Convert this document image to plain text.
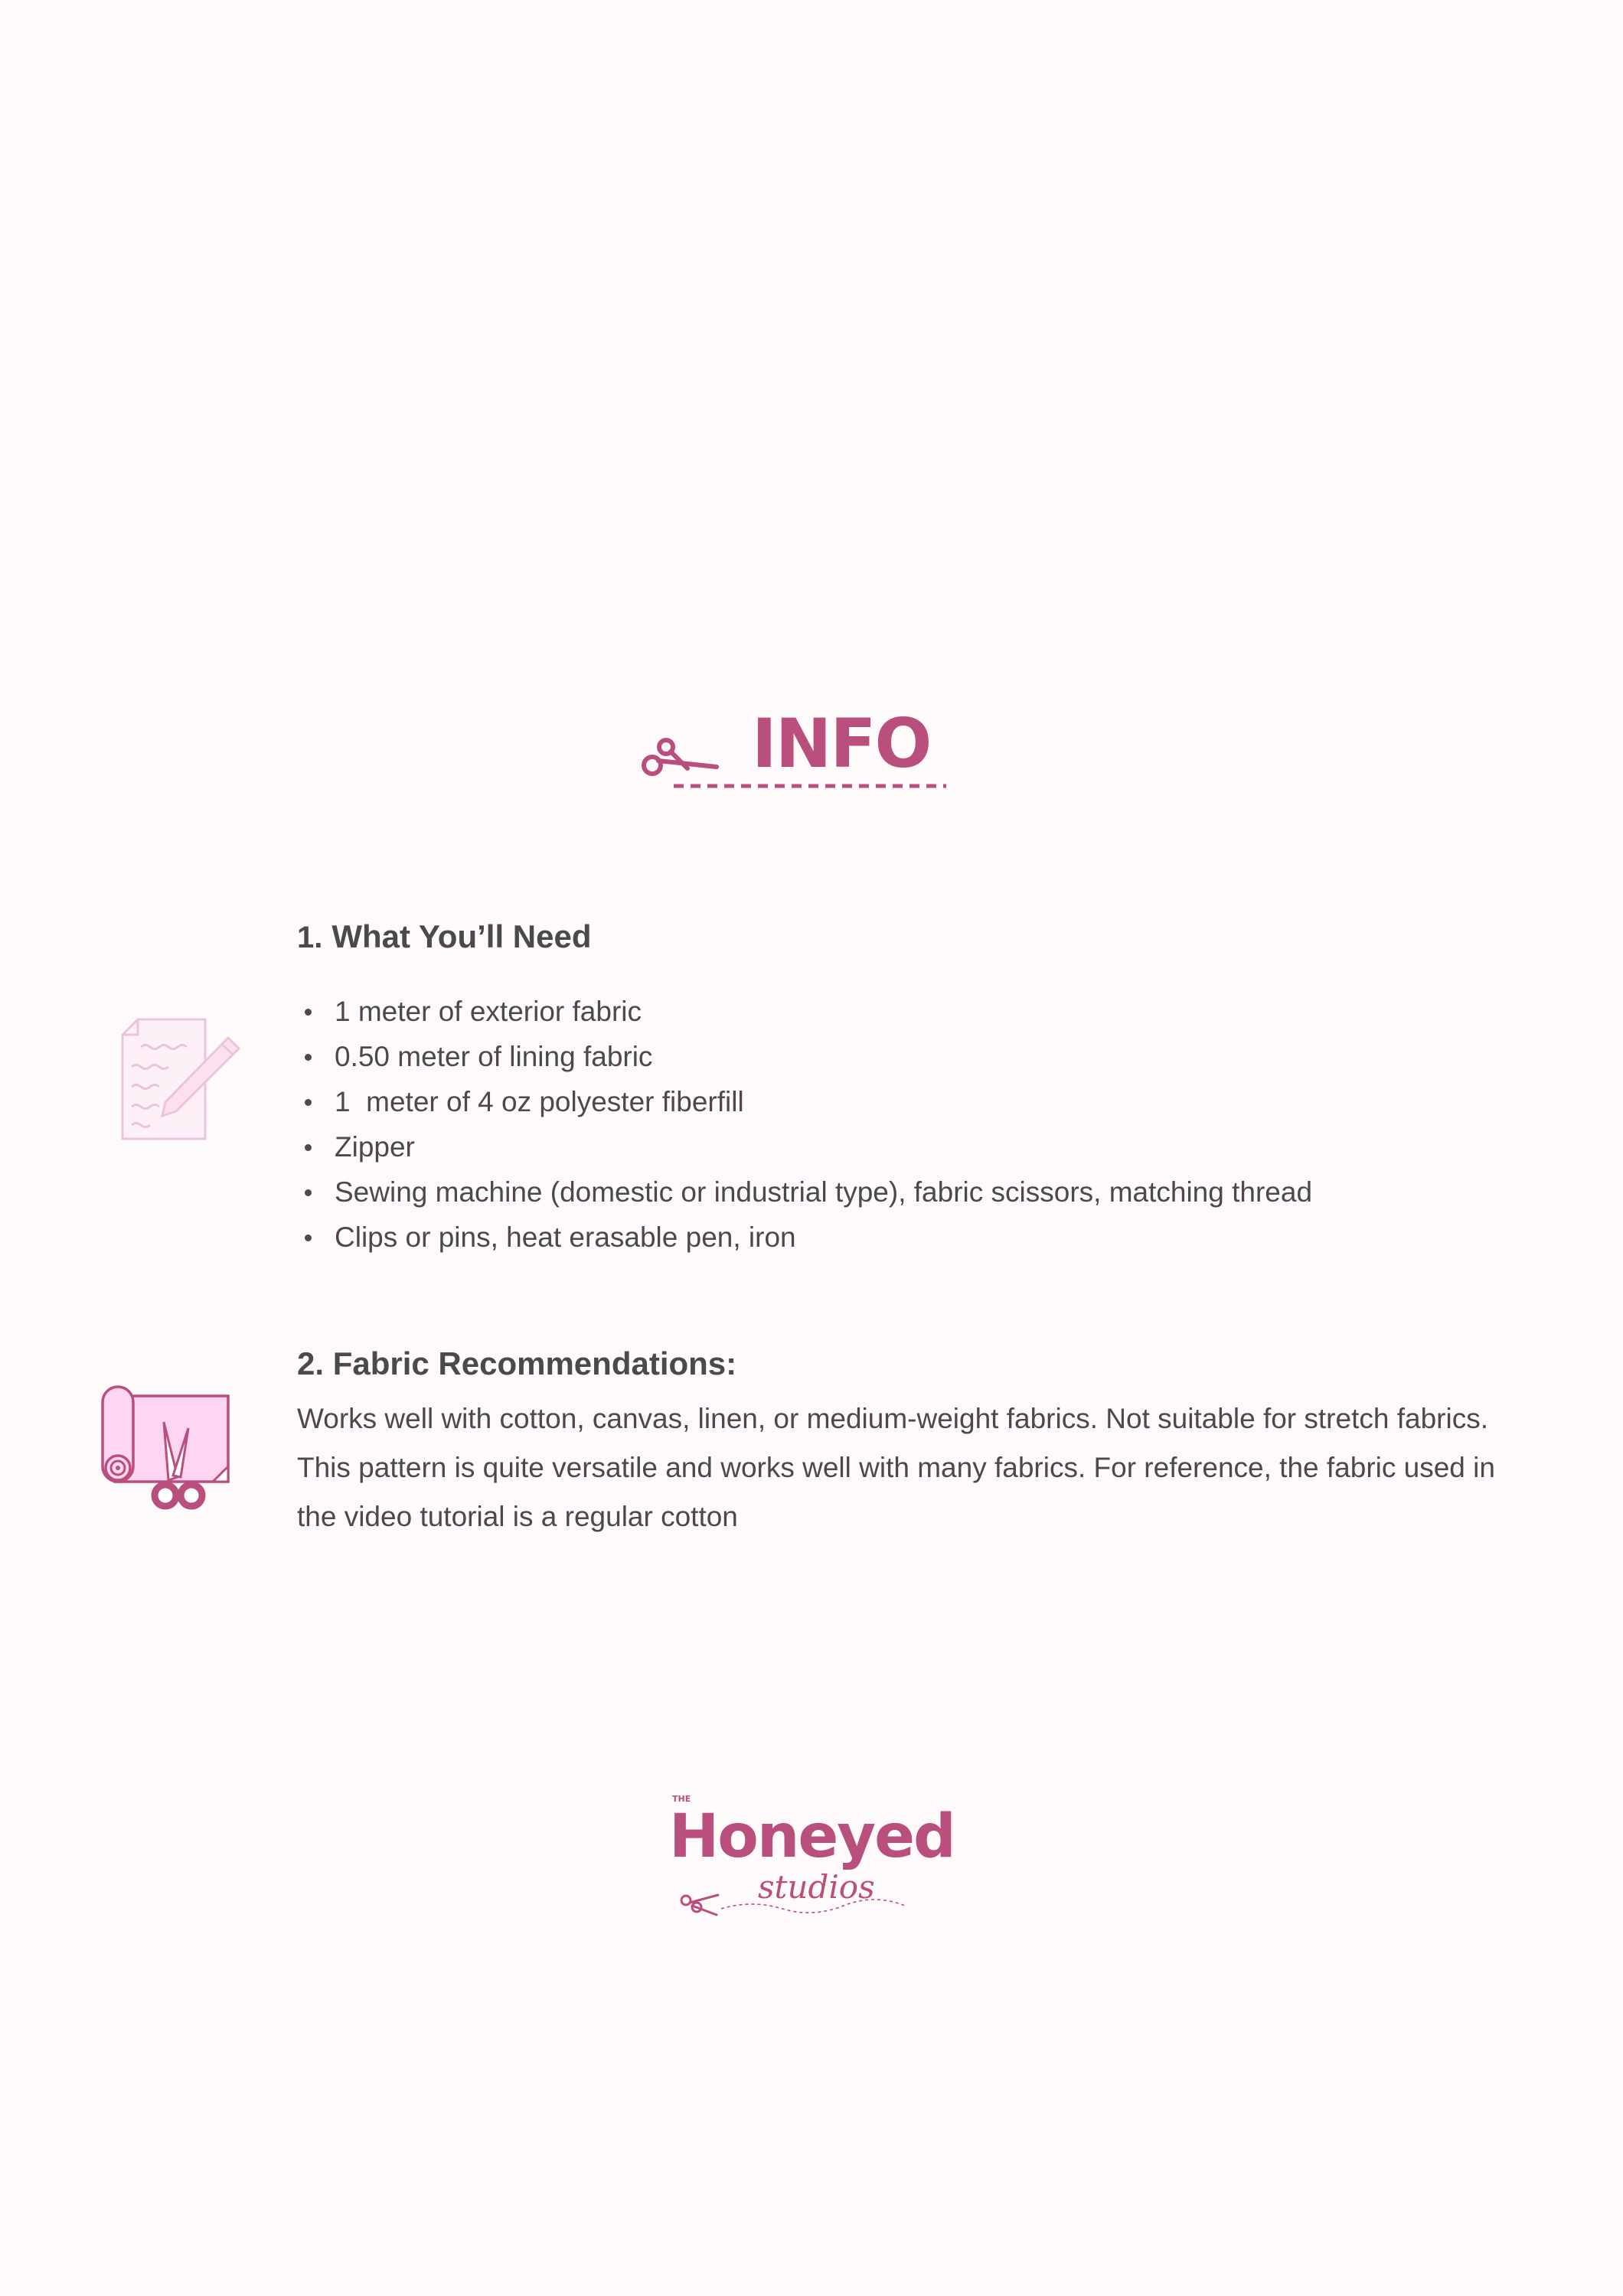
INFO
1. What You’ll Need
1 meter of exterior fabric
0.50 meter of lining fabric
1  meter of 4 oz polyester fiberfill
Zipper
Sewing machine (domestic or industrial type), fabric scissors, matching thread
Clips or pins, heat erasable pen, iron
2. Fabric Recommendations:

Works well with cotton, canvas, linen, or medium-weight fabrics. Not suitable for stretch fabrics. This pattern is quite versatile and works well with many fabrics. For reference, the fabric used in the video tutorial is a regular cotton

THE
Honeyed
studios
